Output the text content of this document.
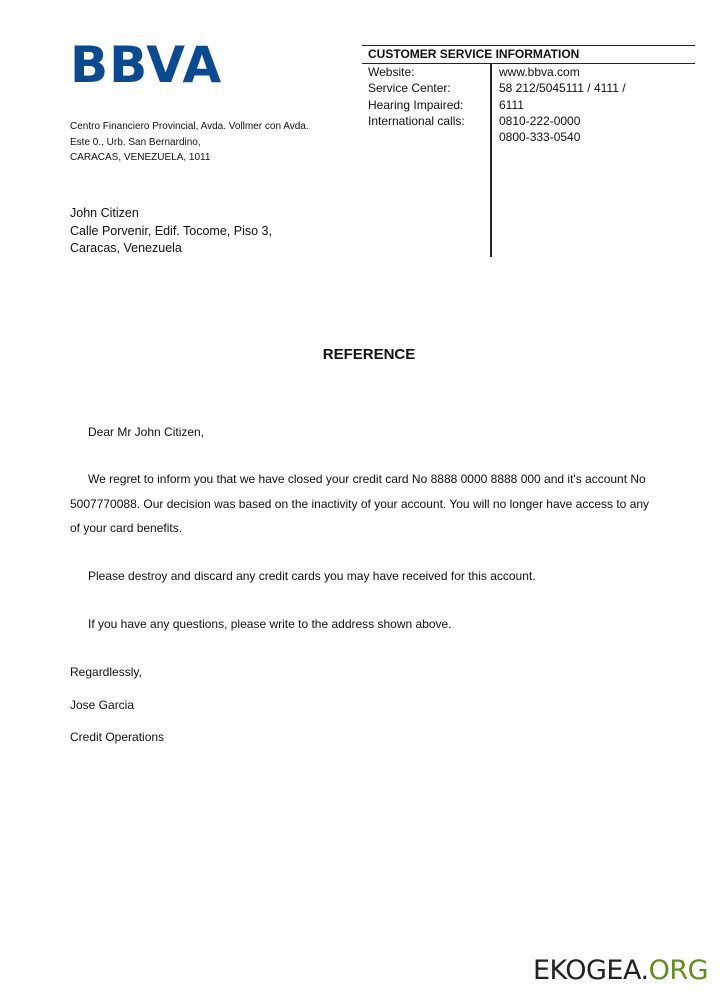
BBVA	CUSTOMER SERVICE INFORMATION
Website:
Service Center:
Hearing Impaired:
International calls:
www.bbva.com
58 212/5045111 / 4111 /
6111
0810-222-0000
0800-333-0540
Centro Financiero Provincial, Avda. Vollmer con Avda.
Este 0., Urb. San Bernardino,
CARACAS, VENEZUELA, 1011
John Citizen
Calle Porvenir, Edif. Tocome, Piso 3,
Caracas, Venezuela
REFERENCE
Dear Mr John Citizen,
We regret to inform you that we have closed your credit card No 8888 0000 8888 000 and it's account No
5007770088. Our decision was based on the inactivity of your account. You will no longer have access to any
of your card benefits.
Please destroy and discard any credit cards you may have received for this account.
If you have any questions, please write to the address shown above.
Regardlessly,
Jose Garcia
Credit Operations
EKOGEA.ORG
